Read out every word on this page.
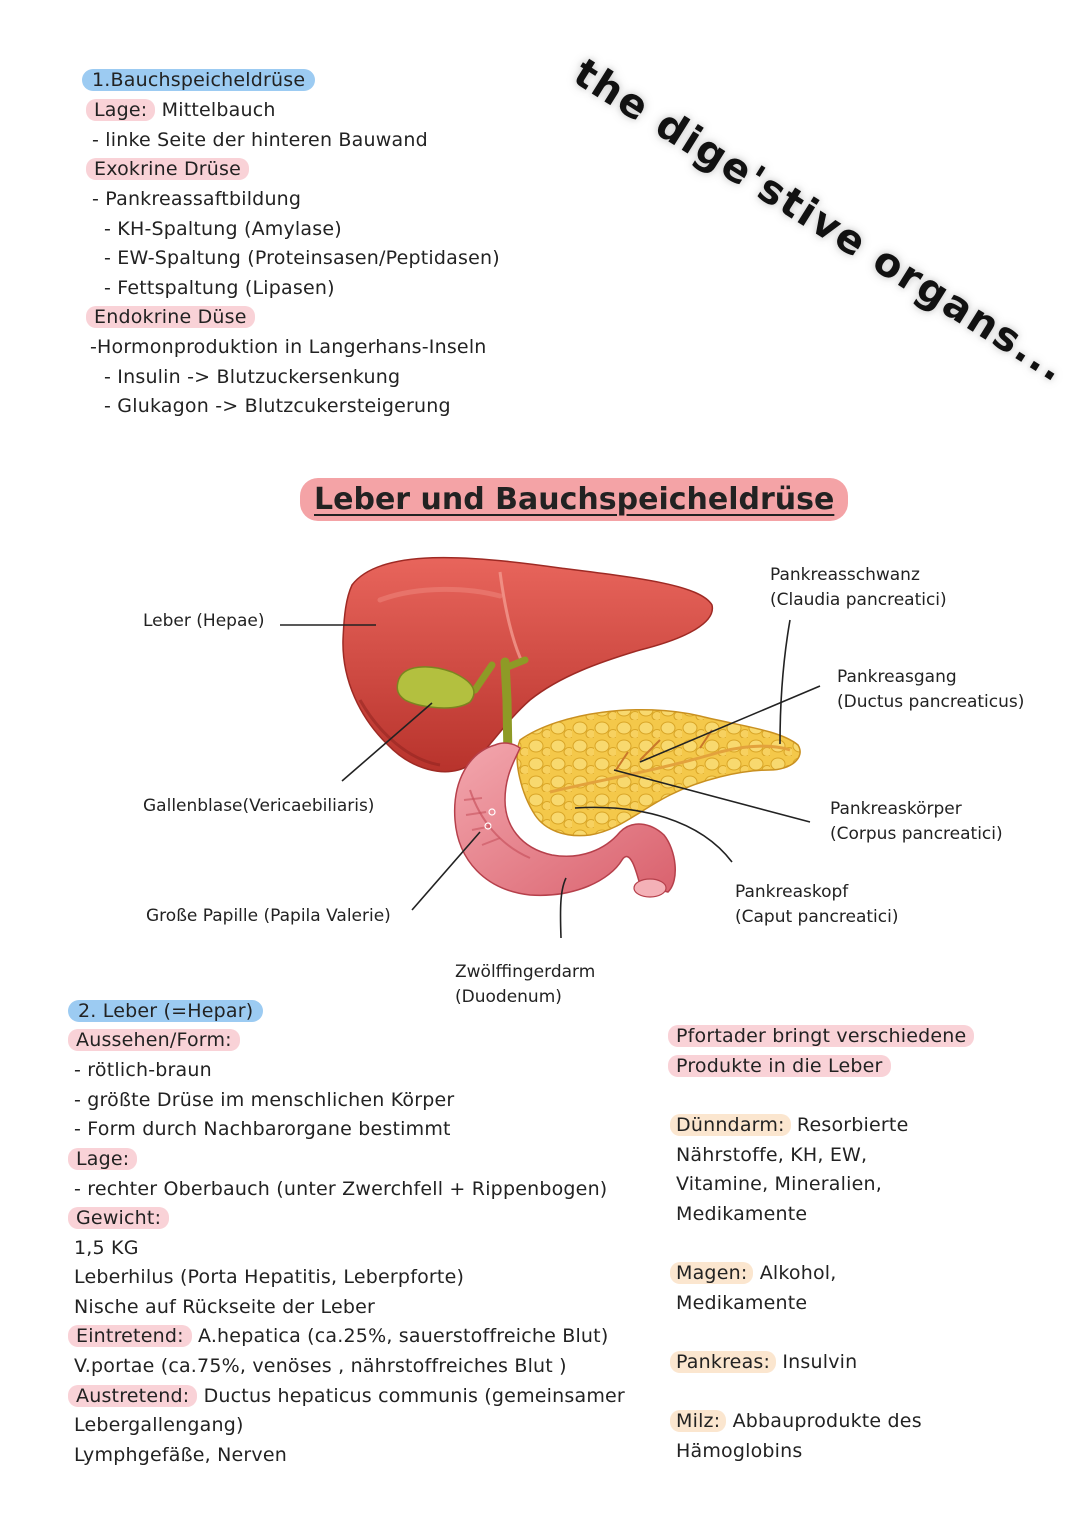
the dige'stive organs...
1.Bauchspeicheldrüse
Lage: Mittelbauch
- linke Seite der hinteren Bauwand
Exokrine Drüse
- Pankreassaftbildung
- KH-Spaltung (Amylase)
- EW-Spaltung (Proteinsasen/Peptidasen)
- Fettspaltung (Lipasen)
Endokrine Düse
-Hormonproduktion in Langerhans-Inseln
- Insulin -> Blutzuckersenkung
- Glukagon -> Blutzcukersteigerung
Leber und Bauchspeicheldrüse
Leber (Hepae)
Gallenblase(Vericaebiliaris)
Große Papille (Papila Valerie)
Zwölffingerdarm
(Duodenum)
Pankreasschwanz
(Claudia pancreatici)
Pankreasgang
(Ductus pancreaticus)
Pankreaskörper
(Corpus pancreatici)
Pankreaskopf
(Caput pancreatici)
2. Leber (=Hepar)
Aussehen/Form:
- rötlich-braun
- größte Drüse im menschlichen Körper
- Form durch Nachbarorgane bestimmt
Lage:
- rechter Oberbauch (unter Zwerchfell + Rippenbogen)
Gewicht:
1,5 KG
Leberhilus (Porta Hepatitis, Leberpforte)
Nische auf Rückseite der Leber
Eintretend: A.hepatica (ca.25%, sauerstoffreiche Blut)
V.portae (ca.75%, venöses , nährstoffreiches Blut )
Austretend: Ductus hepaticus communis (gemeinsamer
Lebergallengang)
Lymphgefäße, Nerven
Pfortader bringt verschiedene
Produkte in die Leber
Dünndarm: Resorbierte
Nährstoffe, KH, EW,
Vitamine, Mineralien,
Medikamente
Magen: Alkohol,
Medikamente
Pankreas: Insulvin
Milz: Abbauprodukte des
Hämoglobins
